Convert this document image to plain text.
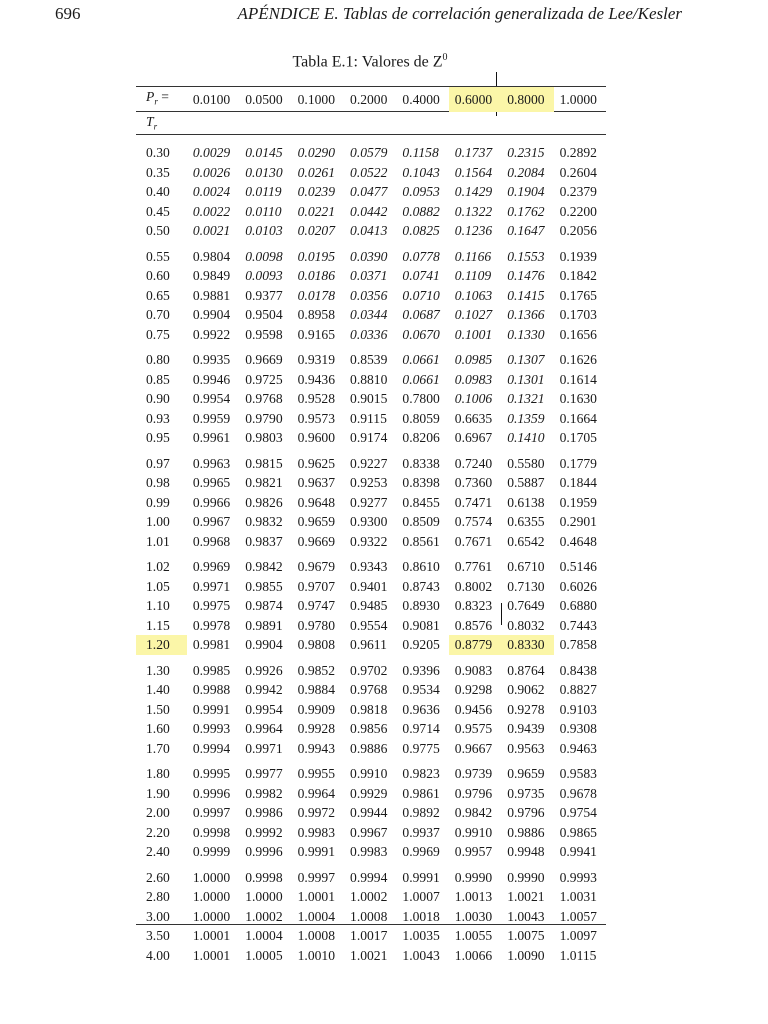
696	APÉNDICE E. Tablas de correlación generalizada de Lee/Kesler
Tabla E.1: Valores de $Z^0$
$P_r$ =	0.0100	0.0500	0.1000	0.2000	0.4000	0.6000	0.8000	1.0000
$T_r$	

0.30	0.0029	0.0145	0.0290	0.0579	0.1158	0.1737	0.2315	0.2892
0.35	0.0026	0.0130	0.0261	0.0522	0.1043	0.1564	0.2084	0.2604
0.40	0.0024	0.0119	0.0239	0.0477	0.0953	0.1429	0.1904	0.2379
0.45	0.0022	0.0110	0.0221	0.0442	0.0882	0.1322	0.1762	0.2200
0.50	0.0021	0.0103	0.0207	0.0413	0.0825	0.1236	0.1647	0.2056

0.55	0.9804	0.0098	0.0195	0.0390	0.0778	0.1166	0.1553	0.1939
0.60	0.9849	0.0093	0.0186	0.0371	0.0741	0.1109	0.1476	0.1842
0.65	0.9881	0.9377	0.0178	0.0356	0.0710	0.1063	0.1415	0.1765
0.70	0.9904	0.9504	0.8958	0.0344	0.0687	0.1027	0.1366	0.1703
0.75	0.9922	0.9598	0.9165	0.0336	0.0670	0.1001	0.1330	0.1656

0.80	0.9935	0.9669	0.9319	0.8539	0.0661	0.0985	0.1307	0.1626
0.85	0.9946	0.9725	0.9436	0.8810	0.0661	0.0983	0.1301	0.1614
0.90	0.9954	0.9768	0.9528	0.9015	0.7800	0.1006	0.1321	0.1630
0.93	0.9959	0.9790	0.9573	0.9115	0.8059	0.6635	0.1359	0.1664
0.95	0.9961	0.9803	0.9600	0.9174	0.8206	0.6967	0.1410	0.1705

0.97	0.9963	0.9815	0.9625	0.9227	0.8338	0.7240	0.5580	0.1779
0.98	0.9965	0.9821	0.9637	0.9253	0.8398	0.7360	0.5887	0.1844
0.99	0.9966	0.9826	0.9648	0.9277	0.8455	0.7471	0.6138	0.1959
1.00	0.9967	0.9832	0.9659	0.9300	0.8509	0.7574	0.6355	0.2901
1.01	0.9968	0.9837	0.9669	0.9322	0.8561	0.7671	0.6542	0.4648

1.02	0.9969	0.9842	0.9679	0.9343	0.8610	0.7761	0.6710	0.5146
1.05	0.9971	0.9855	0.9707	0.9401	0.8743	0.8002	0.7130	0.6026
1.10	0.9975	0.9874	0.9747	0.9485	0.8930	0.8323	0.7649	0.6880
1.15	0.9978	0.9891	0.9780	0.9554	0.9081	0.8576	0.8032	0.7443
1.20	0.9981	0.9904	0.9808	0.9611	0.9205	0.8779	0.8330	0.7858

1.30	0.9985	0.9926	0.9852	0.9702	0.9396	0.9083	0.8764	0.8438
1.40	0.9988	0.9942	0.9884	0.9768	0.9534	0.9298	0.9062	0.8827
1.50	0.9991	0.9954	0.9909	0.9818	0.9636	0.9456	0.9278	0.9103
1.60	0.9993	0.9964	0.9928	0.9856	0.9714	0.9575	0.9439	0.9308
1.70	0.9994	0.9971	0.9943	0.9886	0.9775	0.9667	0.9563	0.9463

1.80	0.9995	0.9977	0.9955	0.9910	0.9823	0.9739	0.9659	0.9583
1.90	0.9996	0.9982	0.9964	0.9929	0.9861	0.9796	0.9735	0.9678
2.00	0.9997	0.9986	0.9972	0.9944	0.9892	0.9842	0.9796	0.9754
2.20	0.9998	0.9992	0.9983	0.9967	0.9937	0.9910	0.9886	0.9865
2.40	0.9999	0.9996	0.9991	0.9983	0.9969	0.9957	0.9948	0.9941

2.60	1.0000	0.9998	0.9997	0.9994	0.9991	0.9990	0.9990	0.9993
2.80	1.0000	1.0000	1.0001	1.0002	1.0007	1.0013	1.0021	1.0031
3.00	1.0000	1.0002	1.0004	1.0008	1.0018	1.0030	1.0043	1.0057
3.50	1.0001	1.0004	1.0008	1.0017	1.0035	1.0055	1.0075	1.0097
4.00	1.0001	1.0005	1.0010	1.0021	1.0043	1.0066	1.0090	1.0115
